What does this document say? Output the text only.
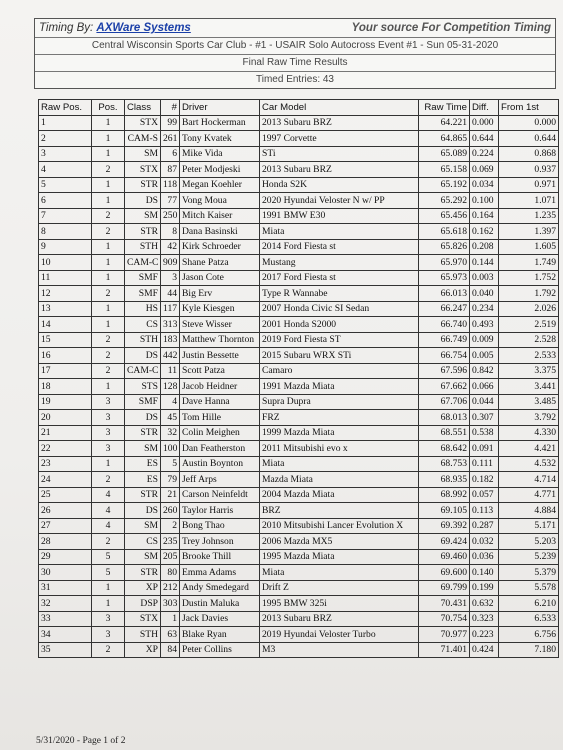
Timing By: AXWare Systems	Your source For Competition Timing
Central Wisconsin Sports Car Club - #1 - USAIR Solo Autocross Event #1 - Sun 05-31-2020
Final Raw Time Results
Timed Entries: 43
Raw Pos.	Pos.	Class	#	Driver	Car Model	Raw Time	Diff.	From 1st
1	1	STX	99	Bart Hockerman	2013 Subaru BRZ	64.221	0.000	0.000
2	1	CAM-S	261	Tony Kvatek	1997 Corvette	64.865	0.644	0.644
3	1	SM	6	Mike Vida	STi	65.089	0.224	0.868
4	2	STX	87	Peter Modjeski	2013 Subaru BRZ	65.158	0.069	0.937
5	1	STR	118	Megan Koehler	Honda S2K	65.192	0.034	0.971
6	1	DS	77	Vong Moua	2020 Hyundai Veloster N w/ PP	65.292	0.100	1.071
7	2	SM	250	Mitch Kaiser	1991 BMW E30	65.456	0.164	1.235
8	2	STR	8	Dana Basinski	Miata	65.618	0.162	1.397
9	1	STH	42	Kirk Schroeder	2014 Ford Fiesta st	65.826	0.208	1.605
10	1	CAM-C	909	Shane Patza	Mustang	65.970	0.144	1.749
11	1	SMF	3	Jason Cote	2017 Ford Fiesta st	65.973	0.003	1.752
12	2	SMF	44	Big Erv	Type R Wannabe	66.013	0.040	1.792
13	1	HS	117	Kyle Kiesgen	2007 Honda Civic SI Sedan	66.247	0.234	2.026
14	1	CS	313	Steve Wisser	2001 Honda S2000	66.740	0.493	2.519
15	2	STH	183	Matthew Thornton	2019 Ford Fiesta ST	66.749	0.009	2.528
16	2	DS	442	Justin Bessette	2015 Subaru WRX STi	66.754	0.005	2.533
17	2	CAM-C	11	Scott Patza	Camaro	67.596	0.842	3.375
18	1	STS	128	Jacob Heidner	1991 Mazda Miata	67.662	0.066	3.441
19	3	SMF	4	Dave Hanna	Supra Dupra	67.706	0.044	3.485
20	3	DS	45	Tom Hille	FRZ	68.013	0.307	3.792
21	3	STR	32	Colin Meighen	1999 Mazda Miata	68.551	0.538	4.330
22	3	SM	100	Dan Featherston	2011 Mitsubishi evo x	68.642	0.091	4.421
23	1	ES	5	Austin Boynton	Miata	68.753	0.111	4.532
24	2	ES	79	Jeff Arps	Mazda Miata	68.935	0.182	4.714
25	4	STR	21	Carson Neinfeldt	2004 Mazda Miata	68.992	0.057	4.771
26	4	DS	260	Taylor Harris	BRZ	69.105	0.113	4.884
27	4	SM	2	Bong Thao	2010 Mitsubishi Lancer Evolution X	69.392	0.287	5.171
28	2	CS	235	Trey Johnson	2006 Mazda MX5	69.424	0.032	5.203
29	5	SM	205	Brooke Thill	1995 Mazda Miata	69.460	0.036	5.239
30	5	STR	80	Emma Adams	Miata	69.600	0.140	5.379
31	1	XP	212	Andy Smedegard	Drift Z	69.799	0.199	5.578
32	1	DSP	303	Dustin Maluka	1995 BMW 325i	70.431	0.632	6.210
33	3	STX	1	Jack Davies	2013 Subaru BRZ	70.754	0.323	6.533
34	3	STH	63	Blake Ryan	2019 Hyundai Veloster Turbo	70.977	0.223	6.756
35	2	XP	84	Peter Collins	M3	71.401	0.424	7.180
5/31/2020 - Page 1 of 2
